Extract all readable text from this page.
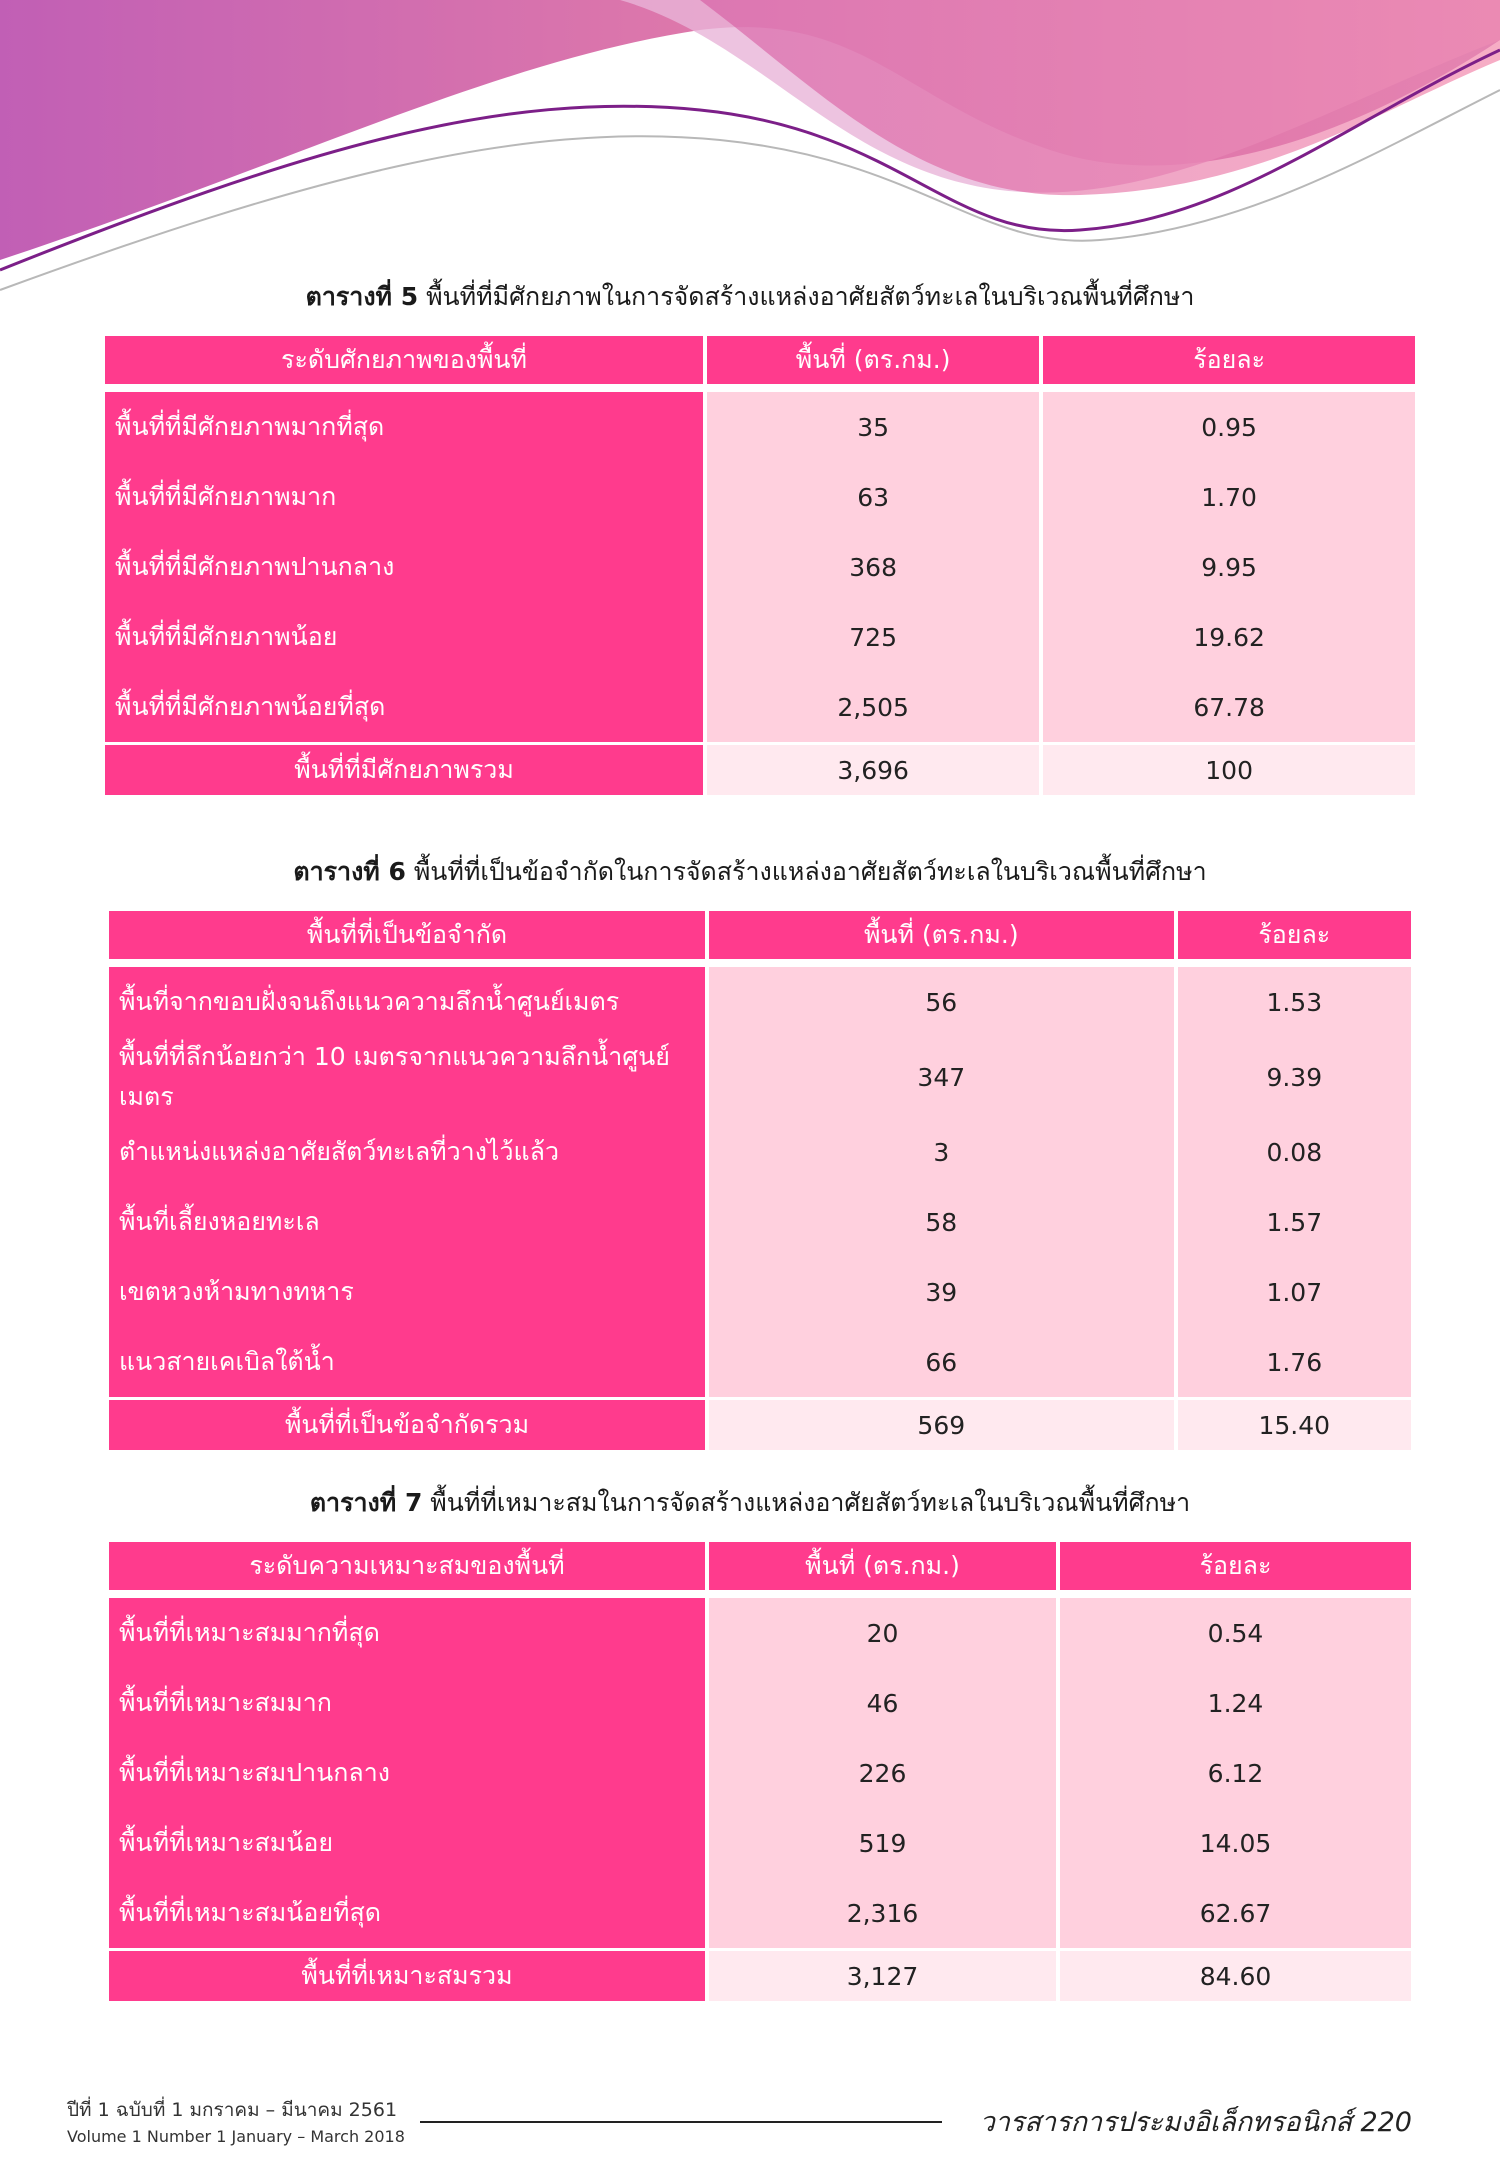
ตารางที่ 5 พื้นที่ที่มีศักยภาพในการจัดสร้างแหล่งอาศัยสัตว์ทะเลในบริเวณพื้นที่ศึกษา
ระดับศักยภาพของพื้นที่	พื้นที่ (ตร.กม.)	ร้อยละ

พื้นที่ที่มีศักยภาพมากที่สุด	35	0.95
พื้นที่ที่มีศักยภาพมาก	63	1.70
พื้นที่ที่มีศักยภาพปานกลาง	368	9.95
พื้นที่ที่มีศักยภาพน้อย	725	19.62
พื้นที่ที่มีศักยภาพน้อยที่สุด	2,505	67.78
พื้นที่ที่มีศักยภาพรวม	3,696	100
ตารางที่ 6 พื้นที่ที่เป็นข้อจำกัดในการจัดสร้างแหล่งอาศัยสัตว์ทะเลในบริเวณพื้นที่ศึกษา
พื้นที่ที่เป็นข้อจำกัด	พื้นที่ (ตร.กม.)	ร้อยละ

พื้นที่จากขอบฝั่งจนถึงแนวความลึกน้ำศูนย์เมตร	56	1.53
พื้นที่ที่ลึกน้อยกว่า 10 เมตรจากแนวความลึกน้ำศูนย์เมตร	347	9.39
ตำแหน่งแหล่งอาศัยสัตว์ทะเลที่วางไว้แล้ว	3	0.08
พื้นที่เลี้ยงหอยทะเล	58	1.57
เขตหวงห้ามทางทหาร	39	1.07
แนวสายเคเบิลใต้น้ำ	66	1.76
พื้นที่ที่เป็นข้อจำกัดรวม	569	15.40
ตารางที่ 7 พื้นที่ที่เหมาะสมในการจัดสร้างแหล่งอาศัยสัตว์ทะเลในบริเวณพื้นที่ศึกษา
ระดับความเหมาะสมของพื้นที่	พื้นที่ (ตร.กม.)	ร้อยละ

พื้นที่ที่เหมาะสมมากที่สุด	20	0.54
พื้นที่ที่เหมาะสมมาก	46	1.24
พื้นที่ที่เหมาะสมปานกลาง	226	6.12
พื้นที่ที่เหมาะสมน้อย	519	14.05
พื้นที่ที่เหมาะสมน้อยที่สุด	2,316	62.67
พื้นที่ที่เหมาะสมรวม	3,127	84.60
ปีที่ 1 ฉบับที่ 1 มกราคม – มีนาคม 2561
Volume 1 Number 1 January – March 2018	วารสารการประมงอิเล็กทรอนิกส์ 220
